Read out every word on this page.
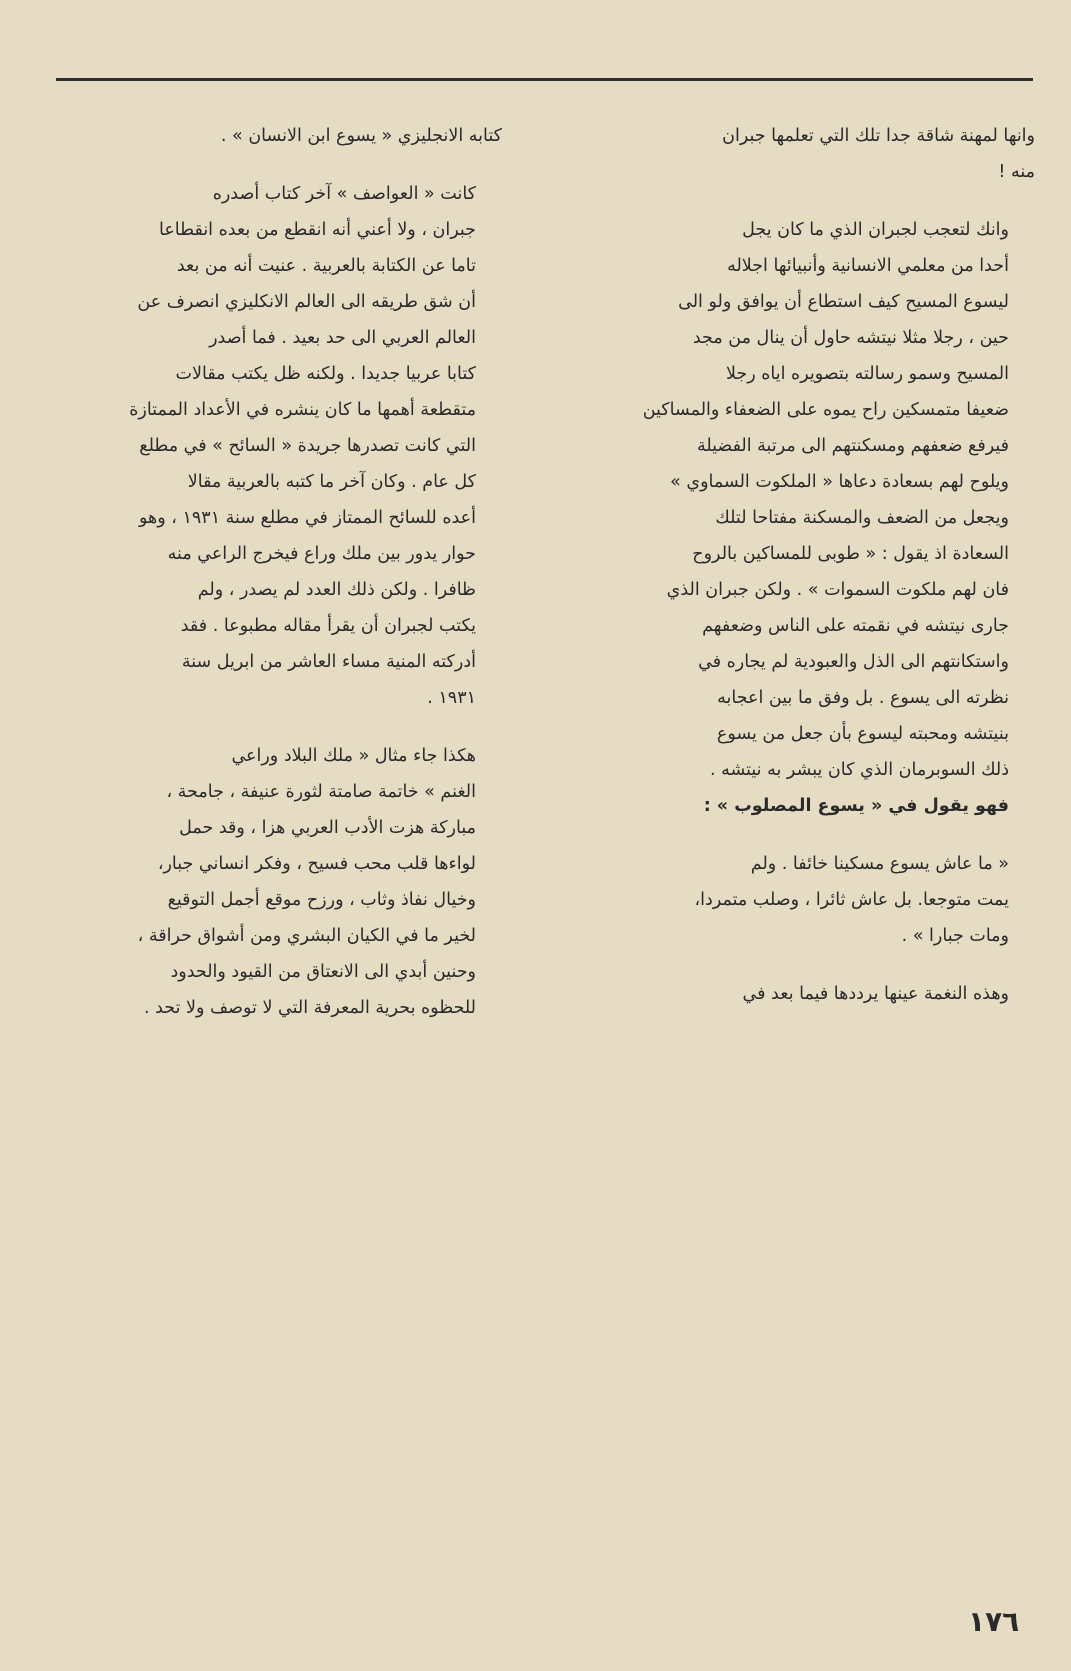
وانها لمهنة شاقة جدا تلك التي تعلمها جبران
منه !

وانك لتعجب لجبران الذي ما كان يجل
أحدا من معلمي الانسانية وأنبيائها اجلاله
ليسوع المسيح كيف استطاع أن يوافق ولو الى
حين ، رجلا مثلا نيتشه حاول أن ينال من مجد
المسيح وسمو رسالته بتصويره اياه رجلا
ضعيفا متمسكين راح يموه على الضعفاء والمساكين
فيرفع ضعفهم ومسكنتهم الى مرتبة الفضيلة
ويلوح لهم بسعادة دعاها « الملكوت السماوي »
ويجعل من الضعف والمسكنة مفتاحا لتلك
السعادة اذ يقول : « طوبى للمساكين بالروح
فان لهم ملكوت السموات » . ولكن جبران الذي
جارى نيتشه في نقمته على الناس وضعفهم
واستكانتهم الى الذل والعبودية لم يجاره في
نظرته الى يسوع . بل وفق ما بين اعجابه
بنيتشه ومحبته ليسوع بأن جعل من يسوع
ذلك السوبرمان الذي كان يبشر به نيتشه .
فهو يقول في « يسوع المصلوب » :

« ما عاش يسوع مسكينا خائفا . ولم
يمت متوجعا. بل عاش ثائرا ، وصلب متمردا،
ومات جبارا » .

وهذه النغمة عينها يرددها فيما بعد في

كتابه الانجليزي « يسوع ابن الانسان » .

كانت « العواصف » آخر كتاب أصدره
جبران ، ولا أعني أنه انقطع من بعده انقطاعا
تاما عن الكتابة بالعربية . عنيت أنه من بعد
أن شق طريقه الى العالم الانكليزي انصرف عن
العالم العربي الى حد بعيد . فما أصدر
كتابا عربيا جديدا . ولكنه ظل يكتب مقالات
متقطعة أهمها ما كان ينشره في الأعداد الممتازة
التي كانت تصدرها جريدة « السائح » في مطلع
كل عام . وكان آخر ما كتبه بالعربية مقالا
أعده للسائح الممتاز في مطلع سنة ١٩٣١ ، وهو
حوار يدور بين ملك وراع فيخرج الراعي منه
ظافرا . ولكن ذلك العدد لم يصدر ، ولم
يكتب لجبران أن يقرأ مقاله مطبوعا . فقد
أدركته المنية مساء العاشر من ابريل سنة
١٩٣١ .

هكذا جاء مثال « ملك البلاد وراعي
الغنم » خاتمة صامتة لثورة عنيفة ، جامحة ،
مباركة هزت الأدب العربي هزا ، وقد حمل
لواءها قلب محب فسيح ، وفكر انساني جبار،
وخيال نفاذ وثاب ، ورزح موقع أجمل التوقيع
لخير ما في الكيان البشري ومن أشواق حراقة ،
وحنين أبدي الى الانعتاق من القيود والحدود
للحظوه بحرية المعرفة التي لا توصف ولا تحد .

١٧٦
